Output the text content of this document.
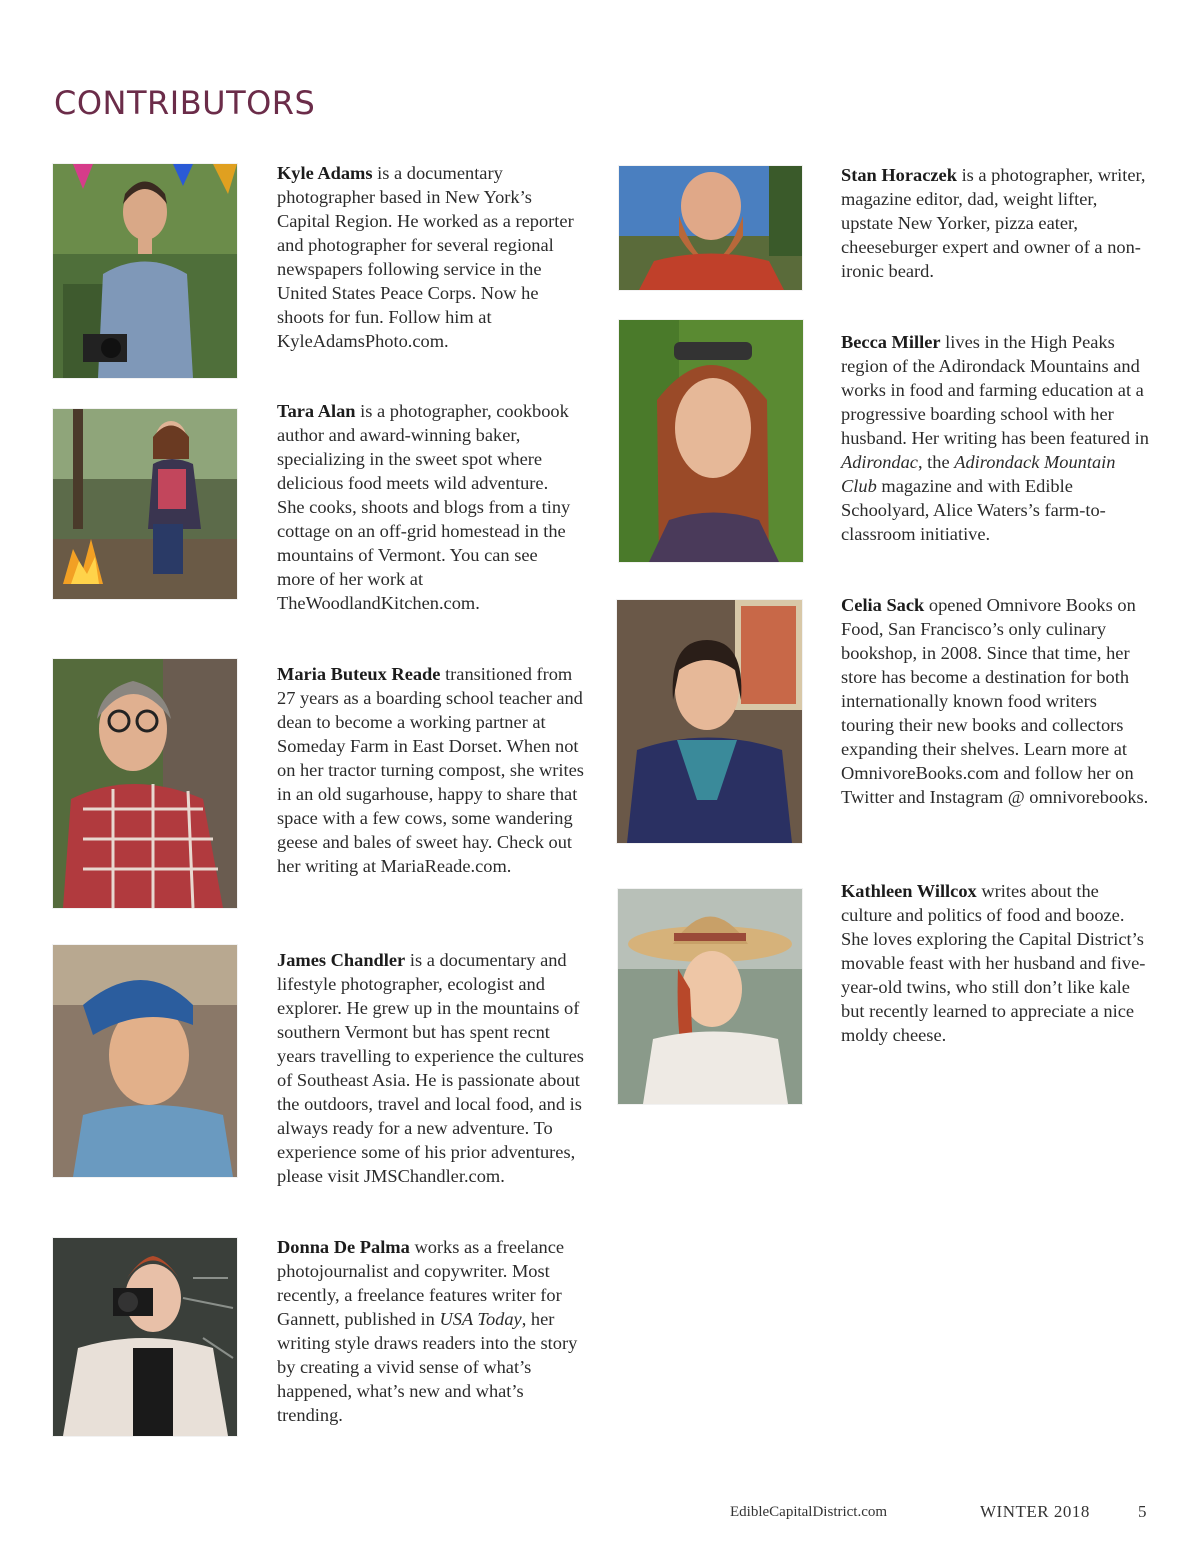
CONTRIBUTORS

Kyle Adams is a documentary photographer based in New York’s Capital Region. He worked as a reporter and photographer for several regional newspapers following service in the United States Peace Corps. Now he shoots for fun. Follow him at KyleAdamsPhoto.com.

Tara Alan is a photographer, cookbook author and award-winning baker, specializing in the sweet spot where delicious food meets wild adventure. She cooks, shoots and blogs from a tiny cottage on an off-grid homestead in the mountains of Vermont. You can see more of her work at TheWoodlandKitchen.com.

Maria Buteux Reade transitioned from 27 years as a boarding school teacher and dean to become a working partner at Someday Farm in East Dorset. When not on her tractor turning compost, she writes in an old sugarhouse, happy to share that space with a few cows, some wandering geese and bales of sweet hay. Check out her writing at MariaReade.com.

James Chandler is a documentary and lifestyle photographer, ecologist and explorer. He grew up in the mountains of southern Vermont but has spent recnt years travelling to experience the cultures of Southeast Asia. He is passionate about the outdoors, travel and local food, and is always ready for a new adventure. To experience some of his prior adventures, please visit JMSChandler.com.

Donna De Palma works as a freelance photojournalist and copywriter. Most recently, a freelance features writer for Gannett, published in USA Today, her writing style draws readers into the story by creating a vivid sense of what’s happened, what’s new and what’s trending.

Stan Horaczek is a photographer, writer, magazine editor, dad, weight lifter, upstate New Yorker, pizza eater, cheeseburger expert and owner of a non-ironic beard.

Becca Miller lives in the High Peaks region of the Adirondack Mountains and works in food and farming education at a progressive boarding school with her husband. Her writing has been featured in Adirondac, the Adirondack Mountain Club magazine and with Edible Schoolyard, Alice Waters’s farm-to-classroom initiative.

Celia Sack opened Omnivore Books on Food, San Francisco’s only culinary bookshop, in 2008. Since that time, her store has become a destination for both internationally known food writers touring their new books and collectors expanding their shelves. Learn more at OmnivoreBooks.com and follow her on Twitter and Instagram @ omnivorebooks.

Kathleen Willcox writes about the culture and politics of food and booze. She loves exploring the Capital District’s movable feast with her husband and five-year-old twins, who still don’t like kale but recently learned to appreciate a nice moldy cheese.

EdibleCapitalDistrict.com	WINTER 2018	5
